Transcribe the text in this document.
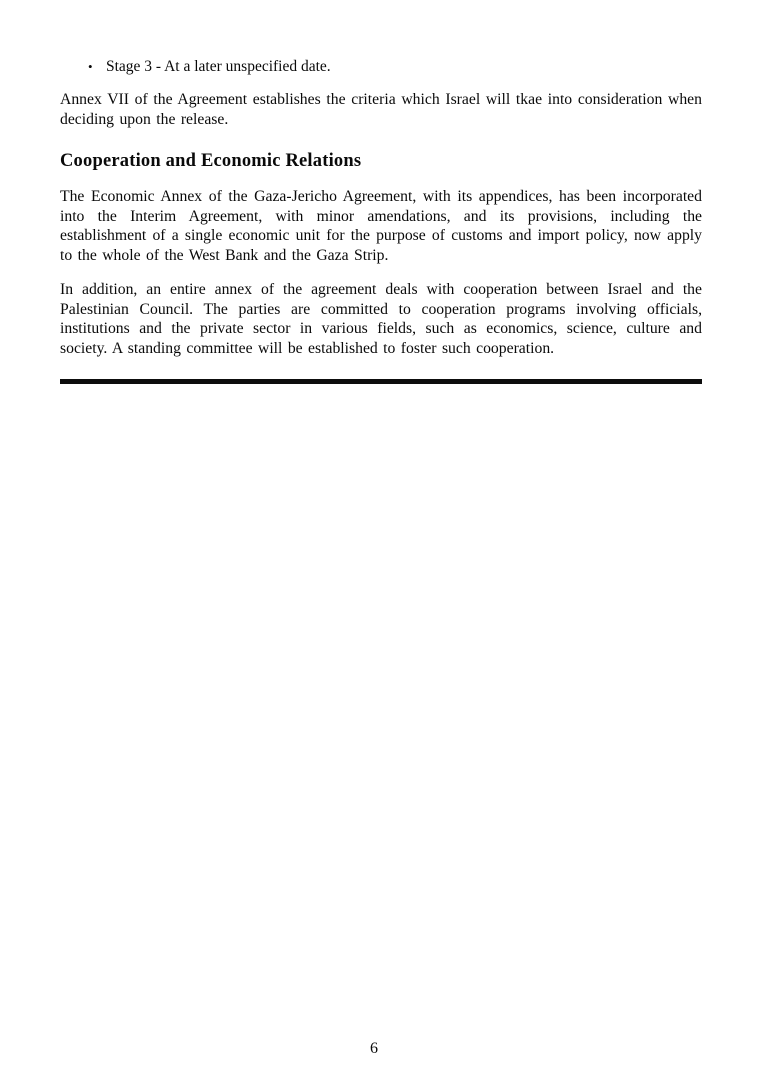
• Stage 3 - At a later unspecified date.

Annex VII of the Agreement establishes the criteria which Israel will tkae into consideration when deciding upon the release.

Cooperation and Economic Relations

The Economic Annex of the Gaza-Jericho Agreement, with its appendices, has been incorporated into the Interim Agreement, with minor amendations, and its provisions, including the establishment of a single economic unit for the purpose of customs and import policy, now apply to the whole of the West Bank and the Gaza Strip.

In addition, an entire annex of the agreement deals with cooperation between Israel and the Palestinian Council. The parties are committed to cooperation programs involving officials, institutions and the private sector in various fields, such as economics, science, culture and society. A standing committee will be established to foster such cooperation.

6
